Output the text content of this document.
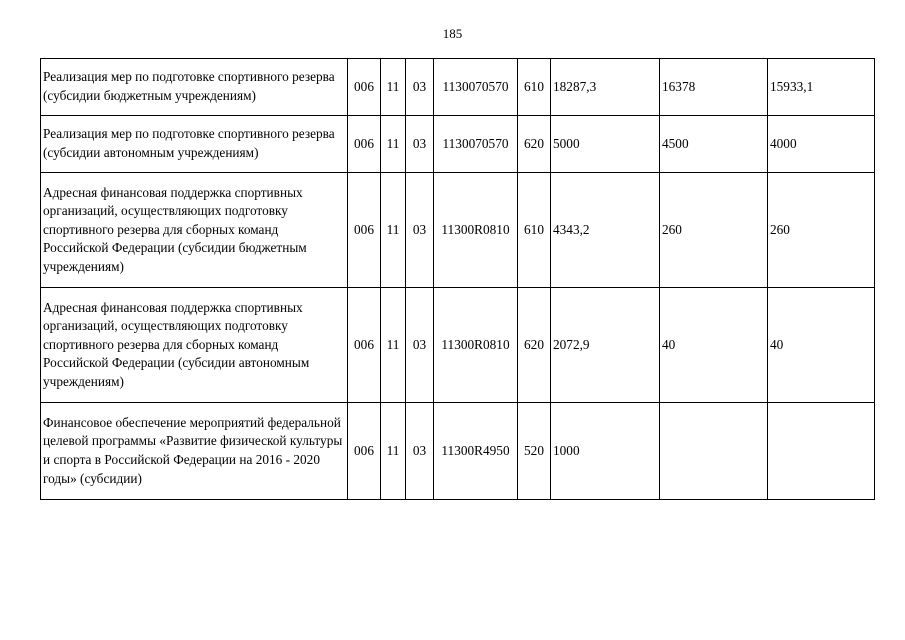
185
Реализация мер по подготовке спортивного резерва (субсидии бюджетным учреждениям)	006	11	03	1130070570	610	18287,3	16378	15933,1
Реализация мер по подготовке спортивного резерва (субсидии автономным учреждениям)	006	11	03	1130070570	620	5000	4500	4000
Адресная финансовая поддержка спортивных организаций, осуществляющих подготовку спортивного резерва для сборных команд Российской Федерации (субсидии бюджетным учреждениям)	006	11	03	11300R0810	610	4343,2	260	260
Адресная финансовая поддержка спортивных организаций, осуществляющих подготовку спортивного резерва для сборных команд Российской Федерации (субсидии автономным учреждениям)	006	11	03	11300R0810	620	2072,9	40	40
Финансовое обеспечение мероприятий федеральной целевой программы «Развитие физической культуры и спорта в Российской Федерации на 2016 - 2020 годы» (субсидии)	006	11	03	11300R4950	520	1000		
